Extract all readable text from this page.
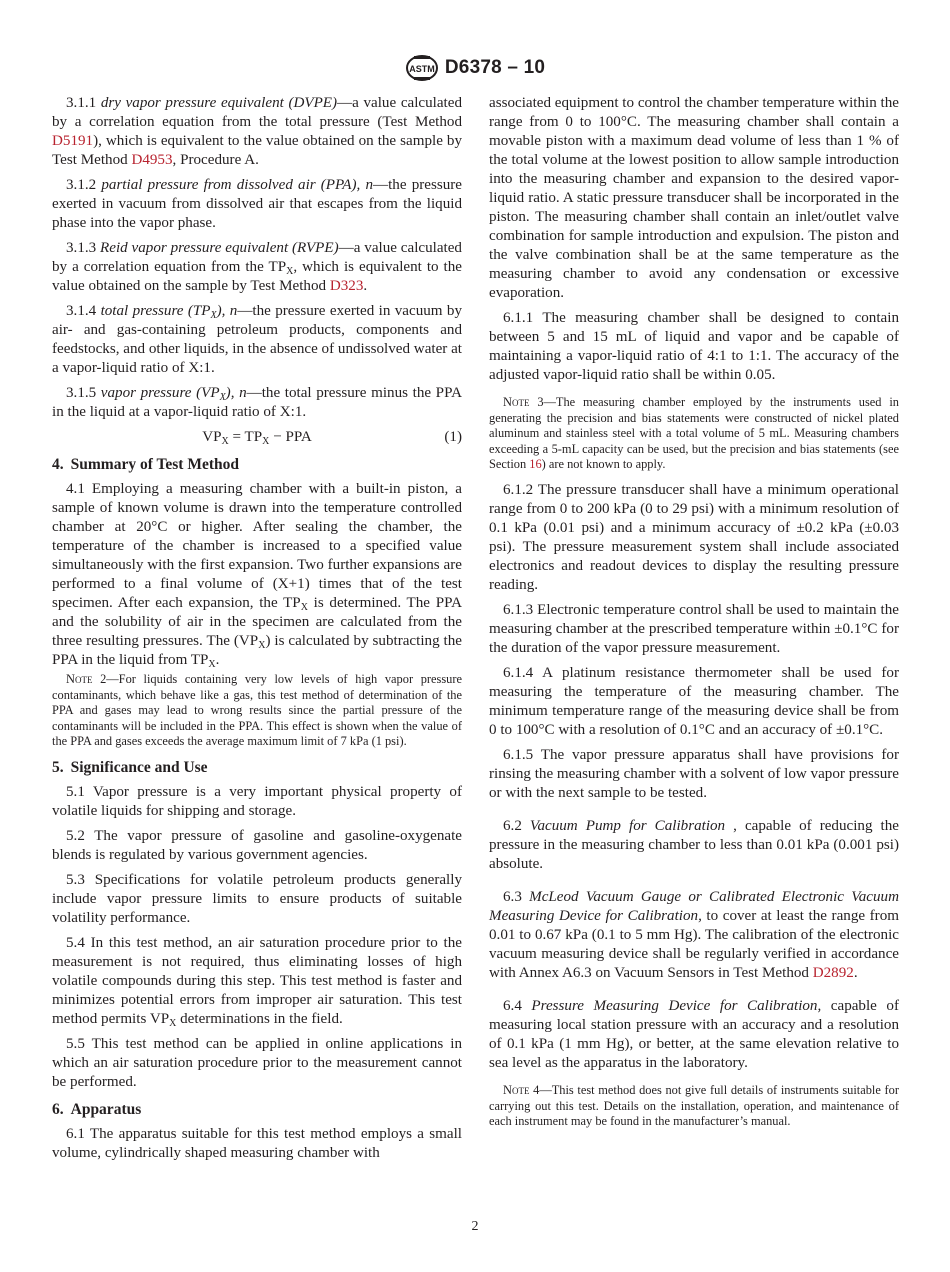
ASTM D6378 – 10

3.1.1 dry vapor pressure equivalent (DVPE)—a value calculated by a correlation equation from the total pressure (Test Method D5191), which is equivalent to the value obtained on the sample by Test Method D4953, Procedure A.

3.1.2 partial pressure from dissolved air (PPA), n—the pressure exerted in vacuum from dissolved air that escapes from the liquid phase into the vapor phase.

3.1.3 Reid vapor pressure equivalent (RVPE)—a value calculated by a correlation equation from the $TP_X$, which is equivalent to the value obtained on the sample by Test Method D323.

3.1.4 total pressure $(TP_X)$, n—the pressure exerted in vacuum by air- and gas-containing petroleum products, components and feedstocks, and other liquids, in the absence of undissolved water at a vapor-liquid ratio of X:1.

3.1.5 vapor pressure $(VP_X)$, n—the total pressure minus the PPA in the liquid at a vapor-liquid ratio of X:1.

$VP_X = TP_X$ − PPA	(1)
4. Summary of Test Method

4.1 Employing a measuring chamber with a built-in piston, a sample of known volume is drawn into the temperature controlled chamber at 20°C or higher. After sealing the chamber, the temperature of the chamber is increased to a specified value simultaneously with the first expansion. Two further expansions are performed to a final volume of (X+1) times that of the test specimen. After each expansion, the $TP_X$ is determined. The PPA and the solubility of air in the specimen are calculated from the three resulting pressures. The $(VP_X)$ is calculated by subtracting the PPA in the liquid from $TP_X$.

Note 2—For liquids containing very low levels of high vapor pressure contaminants, which behave like a gas, this test method of determination of the PPA and gases may lead to wrong results since the partial pressure of the contaminants will be included in the PPA. This effect is shown when the value of the PPA and gases exceeds the average maximum limit of 7 kPa (1 psi).

5. Significance and Use

5.1 Vapor pressure is a very important physical property of volatile liquids for shipping and storage.

5.2 The vapor pressure of gasoline and gasoline-oxygenate blends is regulated by various government agencies.

5.3 Specifications for volatile petroleum products generally include vapor pressure limits to ensure products of suitable volatility performance.

5.4 In this test method, an air saturation procedure prior to the measurement is not required, thus eliminating losses of high volatile compounds during this step. This test method is faster and minimizes potential errors from improper air saturation. This test method permits $VP_X$ determinations in the field.

5.5 This test method can be applied in online applications in which an air saturation procedure prior to the measurement cannot be performed.

6. Apparatus

6.1 The apparatus suitable for this test method employs a small volume, cylindrically shaped measuring chamber with

associated equipment to control the chamber temperature within the range from 0 to 100°C. The measuring chamber shall contain a movable piston with a maximum dead volume of less than 1 % of the total volume at the lowest position to allow sample introduction into the measuring chamber and expansion to the desired vapor-liquid ratio. A static pressure transducer shall be incorporated in the piston. The measuring chamber shall contain an inlet/outlet valve combination for sample introduction and expulsion. The piston and the valve combination shall be at the same temperature as the measuring chamber to avoid any condensation or excessive evaporation.

6.1.1 The measuring chamber shall be designed to contain between 5 and 15 mL of liquid and vapor and be capable of maintaining a vapor-liquid ratio of 4:1 to 1:1. The accuracy of the adjusted vapor-liquid ratio shall be within 0.05.

Note 3—The measuring chamber employed by the instruments used in generating the precision and bias statements were constructed of nickel plated aluminum and stainless steel with a total volume of 5 mL. Measuring chambers exceeding a 5-mL capacity can be used, but the precision and bias statements (see Section 16) are not known to apply.

6.1.2 The pressure transducer shall have a minimum operational range from 0 to 200 kPa (0 to 29 psi) with a minimum resolution of 0.1 kPa (0.01 psi) and a minimum accuracy of ±0.2 kPa (±0.03 psi). The pressure measurement system shall include associated electronics and readout devices to display the resulting pressure reading.

6.1.3 Electronic temperature control shall be used to maintain the measuring chamber at the prescribed temperature within ±0.1°C for the duration of the vapor pressure measurement.

6.1.4 A platinum resistance thermometer shall be used for measuring the temperature of the measuring chamber. The minimum temperature range of the measuring device shall be from 0 to 100°C with a resolution of 0.1°C and an accuracy of ±0.1°C.

6.1.5 The vapor pressure apparatus shall have provisions for rinsing the measuring chamber with a solvent of low vapor pressure or with the next sample to be tested.

6.2 Vacuum Pump for Calibration , capable of reducing the pressure in the measuring chamber to less than 0.01 kPa (0.001 psi) absolute.

6.3 McLeod Vacuum Gauge or Calibrated Electronic Vacuum Measuring Device for Calibration, to cover at least the range from 0.01 to 0.67 kPa (0.1 to 5 mm Hg). The calibration of the electronic vacuum measuring device shall be regularly verified in accordance with Annex A6.3 on Vacuum Sensors in Test Method D2892.

6.4 Pressure Measuring Device for Calibration, capable of measuring local station pressure with an accuracy and a resolution of 0.1 kPa (1 mm Hg), or better, at the same elevation relative to sea level as the apparatus in the laboratory.

Note 4—This test method does not give full details of instruments suitable for carrying out this test. Details on the installation, operation, and maintenance of each instrument may be found in the manufacturer’s manual.

2
